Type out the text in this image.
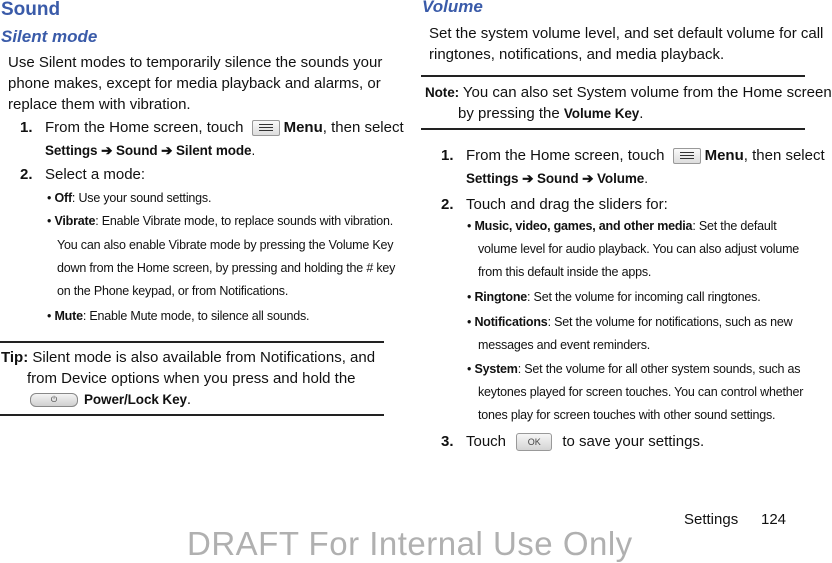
Sound
Silent mode
Use Silent modes to temporarily silence the sounds your
phone makes, except for media playback and alarms, or
replace them with vibration.
1. From the Home screen, touch	Menu, then select
Settings ➔ Sound ➔ Silent mode.
2. Select a mode:
• Off: Use your sound settings.
• Vibrate: Enable Vibrate mode, to replace sounds with vibration.
You can also enable Vibrate mode by pressing the Volume Key
down from the Home screen, by pressing and holding the # key
on the Phone keypad, or from Notifications.
• Mute: Enable Mute mode, to silence all sounds.
Tip: Silent mode is also available from Notifications, and
from Device options when you press and hold the
⏻ Power/Lock Key.
Volume
Set the system volume level, and set default volume for call
ringtones, notifications, and media playback.
Note: You can also set System volume from the Home screen
by pressing the Volume Key.
1. From the Home screen, touch	Menu, then select
Settings ➔ Sound ➔ Volume.
2. Touch and drag the sliders for:
• Music, video, games, and other media: Set the default
volume level for audio playback. You can also adjust volume
from this default inside the apps.
• Ringtone: Set the volume for incoming call ringtones.
• Notifications: Set the volume for notifications, such as new
messages and event reminders.
• System: Set the volume for all other system sounds, such as
keytones played for screen touches. You can control whether
tones play for screen touches with other sound settings.
3. Touch OK to save your settings.
Settings 124
DRAFT For Internal Use Only
